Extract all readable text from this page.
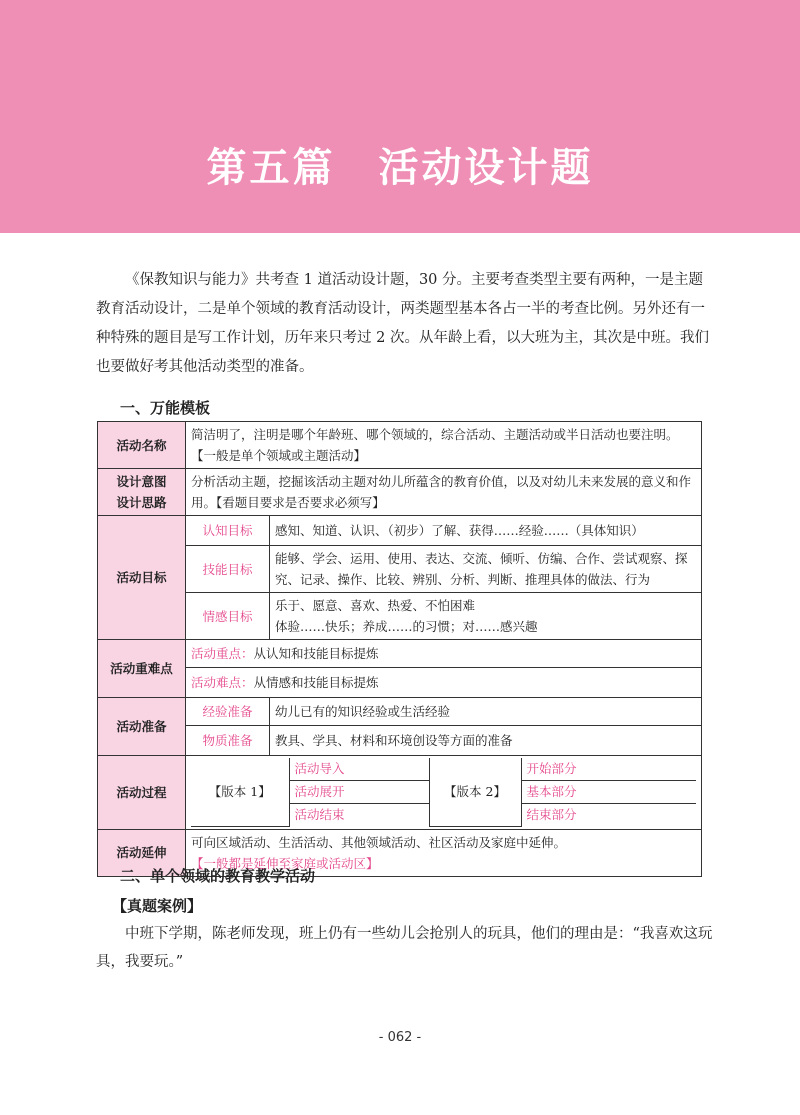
第五篇　活动设计题

《保教知识与能力》共考查 1 道活动设计题，30 分。主要考查类型主要有两种，一是主题教育活动设计，二是单个领域的教育活动设计，两类题型基本各占一半的考查比例。另外还有一种特殊的题目是写工作计划，历年来只考过 2 次。从年龄上看，以大班为主，其次是中班。我们也要做好考其他活动类型的准备。

一、万能模板
活动名称	简洁明了，注明是哪个年龄班、哪个领域的，综合活动、主题活动或半日活动也要注明。
【一般是单个领域或主题活动】
设计意图
设计思路	分析活动主题，挖掘该活动主题对幼儿所蕴含的教育价值，以及对幼儿未来发展的意义和作用。【看题目要求是否要求必须写】
活动目标	认知目标	感知、知道、认识、（初步）了解、获得……经验……（具体知识）
技能目标	能够、学会、运用、使用、表达、交流、倾听、仿编、合作、尝试观察、探究、记录、操作、比较、辨别、分析、判断、推理具体的做法、行为
情感目标	乐于、愿意、喜欢、热爱、不怕困难
体验……快乐；养成……的习惯；对……感兴趣
活动重难点	活动重点：从认知和技能目标提炼
活动难点：从情感和技能目标提炼
活动准备	经验准备	幼儿已有的知识经验或生活经验
物质准备	教具、学具、材料和环境创设等方面的准备
活动过程		【版本 1】	活动导入	【版本 2】	开始部分
活动展开	基本部分
活动结束	结束部分

活动延伸	可向区域活动、生活活动、其他领域活动、社区活动及家庭中延伸。
【一般都是延伸至家庭或活动区】
二、单个领域的教育教学活动
【真题案例】

中班下学期，陈老师发现，班上仍有一些幼儿会抢别人的玩具，他们的理由是：“我喜欢这玩具，我要玩。”

- 062 -
